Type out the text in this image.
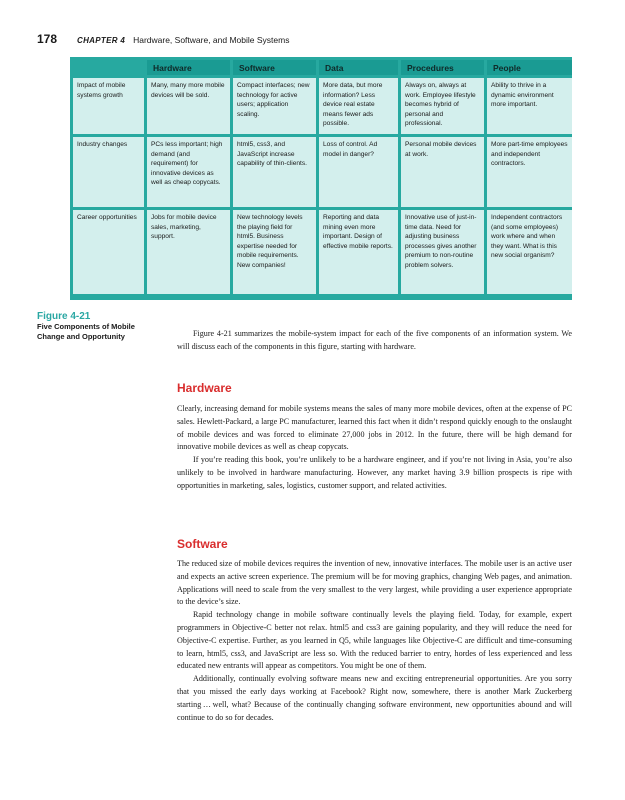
178	CHAPTER 4 Hardware, Software, and Mobile Systems
	Hardware	Software	Data	Procedures	People
Impact of mobile systems growth	Many, many more mobile devices will be sold.	Compact interfaces; new technology for active users; application scaling.	More data, but more information? Less device real estate means fewer ads possible.	Always on, always at work. Employee lifestyle becomes hybrid of personal and professional.	Ability to thrive in a dynamic environment more important.
Industry changes	PCs less important; high demand (and requirement) for innovative devices as well as cheap copycats.	html5, css3, and JavaScript increase capability of thin-clients.	Loss of control. Ad model in danger?	Personal mobile devices at work.	More part-time employees and independent contractors.
Career opportunities	Jobs for mobile device sales, marketing, support.	New technology levels the playing field for html5. Business expertise needed for mobile requirements. New companies!	Reporting and data mining even more important. Design of effective mobile reports.	Innovative use of just-in-time data. Need for adjusting business processes gives another premium to non-routine problem solvers.	Independent contractors (and some employees) work where and when they want. What is this new social organism?
Figure 4-21
Five Components of Mobile Change and Opportunity	Figure 4-21 summarizes the mobile-system impact for each of the five components of an information system. We will discuss each of the components in this figure, starting with hardware.

Hardware

Clearly, increasing demand for mobile systems means the sales of many more mobile devices, often at the expense of PC sales. Hewlett-Packard, a large PC manufacturer, learned this fact when it didn’t respond quickly enough to the onslaught of mobile devices and was forced to eliminate 27,000 jobs in 2012. In the future, there will be high demand for innovative mobile devices as well as cheap copycats.

If you’re reading this book, you’re unlikely to be a hardware engineer, and if you’re not living in Asia, you’re also unlikely to be involved in hardware manufacturing. However, any market having 3.9 billion prospects is ripe with opportunities in marketing, sales, logistics, customer support, and related activities.

Software

The reduced size of mobile devices requires the invention of new, innovative interfaces. The mobile user is an active user and expects an active screen experience. The premium will be for moving graphics, changing Web pages, and animation. Applications will need to scale from the very smallest to the very largest, while providing a user experience appropriate to the device’s size.

Rapid technology change in mobile software continually levels the playing field. Today, for example, expert programmers in Objective-C better not relax. html5 and css3 are gaining popularity, and they will reduce the need for Objective-C expertise. Further, as you learned in Q5, while languages like Objective-C are difficult and time-consuming to learn, html5, css3, and JavaScript are less so. With the reduced barrier to entry, hordes of less experienced and less educated new entrants will appear as competitors. You might be one of them.

Additionally, continually evolving software means new and exciting entrepreneurial opportunities. Are you sorry that you missed the early days working at Facebook? Right now, somewhere, there is another Mark Zuckerberg starting … well, what? Because of the continually changing software environment, new opportunities abound and will continue to do so for decades.
